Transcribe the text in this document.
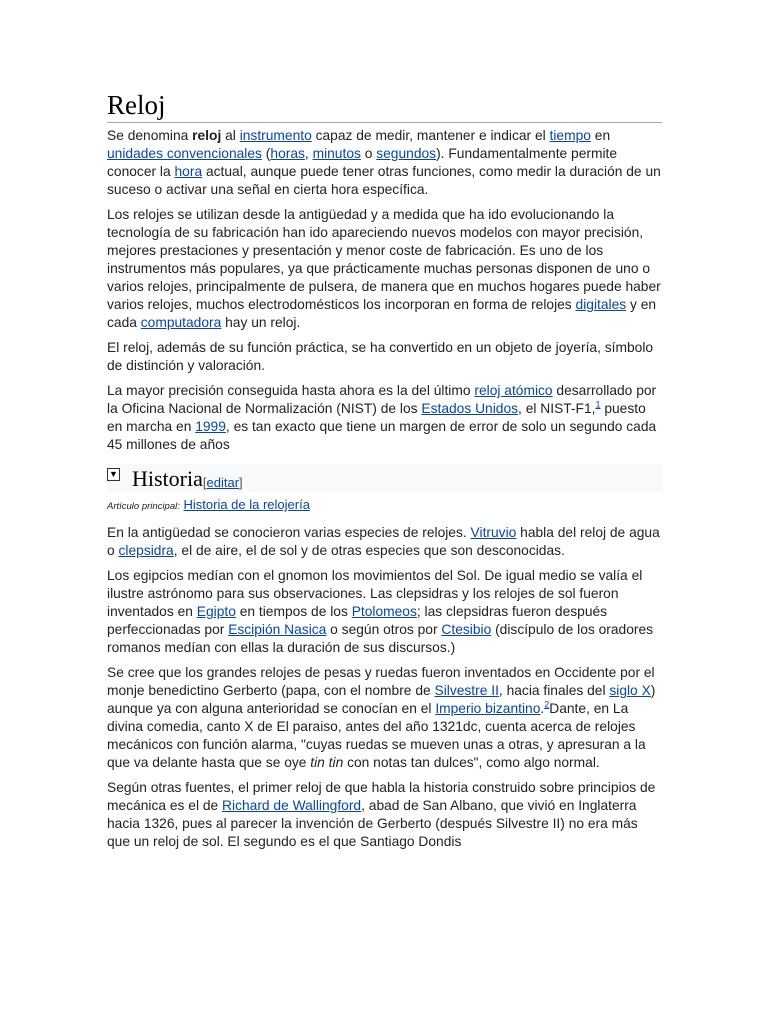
Reloj

Se denomina reloj al instrumento capaz de medir, mantener e indicar el tiempo en unidades convencionales (horas, minutos o segundos). Fundamentalmente permite conocer la hora actual, aunque puede tener otras funciones, como medir la duración de un suceso o activar una señal en cierta hora específica.

Los relojes se utilizan desde la antigüedad y a medida que ha ido evolucionando la tecnología de su fabricación han ido apareciendo nuevos modelos con mayor precisión, mejores prestaciones y presentación y menor coste de fabricación. Es uno de los instrumentos más populares, ya que prácticamente muchas personas disponen de uno o varios relojes, principalmente de pulsera, de manera que en muchos hogares puede haber varios relojes, muchos electrodomésticos los incorporan en forma de relojes digitales y en cada computadora hay un reloj.

El reloj, además de su función práctica, se ha convertido en un objeto de joyería, símbolo de distinción y valoración.

La mayor precisión conseguida hasta ahora es la del último reloj atómico desarrollado por la Oficina Nacional de Normalización (NIST) de los Estados Unidos, el NIST-F1,$^1$ puesto en marcha en 1999, es tan exacto que tiene un margen de error de solo un segundo cada 45 millones de años

▼ Historia [editar]
Artículo principal: Historia de la relojería

En la antigüedad se conocieron varias especies de relojes. Vitruvio habla del reloj de agua o clepsidra, el de aire, el de sol y de otras especies que son desconocidas.

Los egipcios medían con el gnomon los movimientos del Sol. De igual medio se valía el ilustre astrónomo para sus observaciones. Las clepsidras y los relojes de sol fueron inventados en Egipto en tiempos de los Ptolomeos; las clepsidras fueron después perfeccionadas por Escipión Nasica o según otros por Ctesibio (discípulo de los oradores romanos medían con ellas la duración de sus discursos.)

Se cree que los grandes relojes de pesas y ruedas fueron inventados en Occidente por el monje benedictino Gerberto (papa, con el nombre de Silvestre II, hacia finales del siglo X) aunque ya con alguna anterioridad se conocían en el Imperio bizantino.$^2$Dante, en La divina comedia, canto X de El paraiso, antes del año 1321dc, cuenta acerca de relojes mecánicos con función alarma, "cuyas ruedas se mueven unas a otras, y apresuran a la que va delante hasta que se oye tin tin con notas tan dulces", como algo normal.

Según otras fuentes, el primer reloj de que habla la historia construido sobre principios de mecánica es el de Richard de Wallingford, abad de San Albano, que vivió en Inglaterra hacia 1326, pues al parecer la invención de Gerberto (después Silvestre II) no era más que un reloj de sol. El segundo es el que Santiago Dondis
